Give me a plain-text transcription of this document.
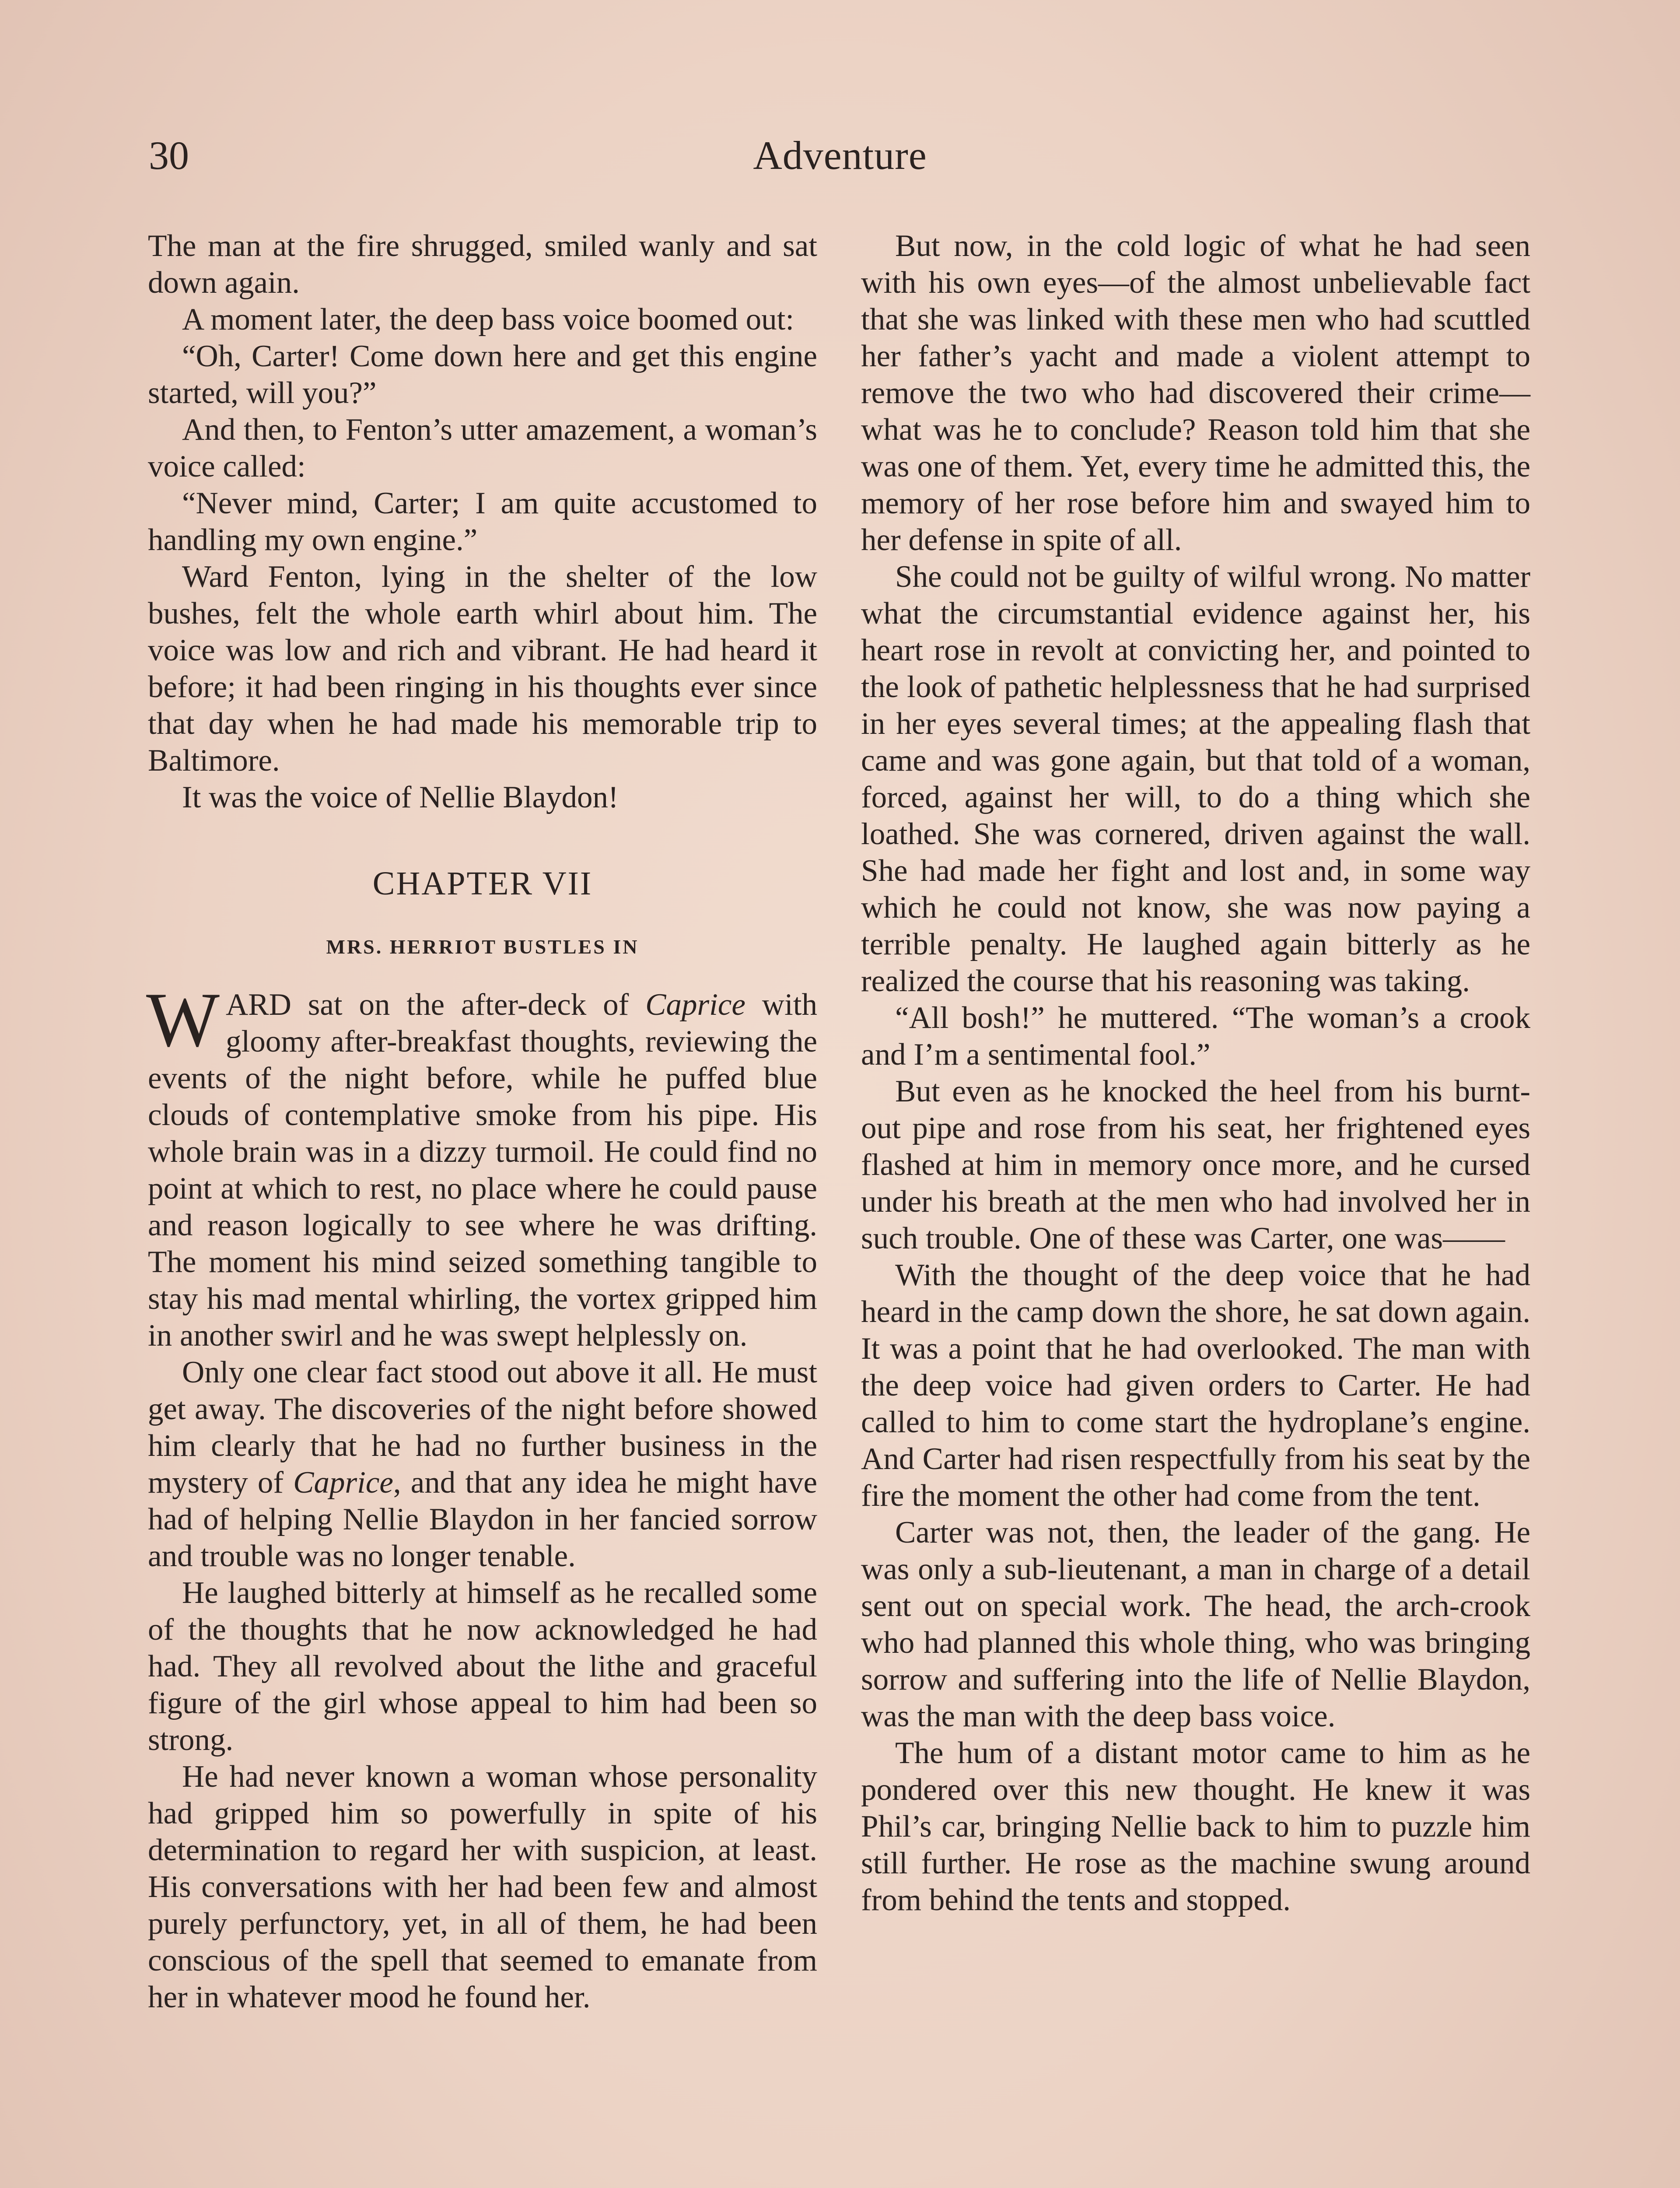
30	Adventure

The man at the fire shrugged, smiled wanly and sat down again.

A moment later, the deep bass voice boomed out:

“Oh, Carter! Come down here and get this engine started, will you?”

And then, to Fenton’s utter amazement, a woman’s voice called:

“Never mind, Carter; I am quite accustomed to handling my own engine.”

Ward Fenton, lying in the shelter of the low bushes, felt the whole earth whirl about him. The voice was low and rich and vibrant. He had heard it before; it had been ringing in his thoughts ever since that day when he had made his memorable trip to Baltimore.

It was the voice of Nellie Blaydon!

CHAPTER VII
MRS. HERRIOT BUSTLES IN

WARD sat on the after-deck of Caprice with gloomy after-breakfast thoughts, reviewing the events of the night before, while he puffed blue clouds of contemplative smoke from his pipe. His whole brain was in a dizzy turmoil. He could find no point at which to rest, no place where he could pause and reason logically to see where he was drifting. The moment his mind seized something tangible to stay his mad mental whirling, the vortex gripped him in another swirl and he was swept helplessly on.

Only one clear fact stood out above it all. He must get away. The discoveries of the night before showed him clearly that he had no further business in the mystery of Caprice, and that any idea he might have had of helping Nellie Blaydon in her fancied sorrow and trouble was no longer tenable.

He laughed bitterly at himself as he recalled some of the thoughts that he now acknowledged he had had. They all revolved about the lithe and graceful figure of the girl whose appeal to him had been so strong.

He had never known a woman whose personality had gripped him so powerfully in spite of his determination to regard her with suspicion, at least. His conversations with her had been few and almost purely perfunctory, yet, in all of them, he had been conscious of the spell that seemed to emanate from her in whatever mood he found her.

But now, in the cold logic of what he had seen with his own eyes—of the almost unbelievable fact that she was linked with these men who had scuttled her father’s yacht and made a violent attempt to remove the two who had discovered their crime—what was he to conclude? Reason told him that she was one of them. Yet, every time he admitted this, the memory of her rose before him and swayed him to her defense in spite of all.

She could not be guilty of wilful wrong. No matter what the circumstantial evidence against her, his heart rose in revolt at convicting her, and pointed to the look of pathetic helplessness that he had surprised in her eyes several times; at the appealing flash that came and was gone again, but that told of a woman, forced, against her will, to do a thing which she loathed. She was cornered, driven against the wall. She had made her fight and lost and, in some way which he could not know, she was now paying a terrible penalty. He laughed again bitterly as he realized the course that his reasoning was taking.

“All bosh!” he muttered. “The woman’s a crook and I’m a sentimental fool.”

But even as he knocked the heel from his burnt-out pipe and rose from his seat, her frightened eyes flashed at him in memory once more, and he cursed under his breath at the men who had involved her in such trouble. One of these was Carter, one was——

With the thought of the deep voice that he had heard in the camp down the shore, he sat down again. It was a point that he had overlooked. The man with the deep voice had given orders to Carter. He had called to him to come start the hydroplane’s engine. And Carter had risen respectfully from his seat by the fire the moment the other had come from the tent.

Carter was not, then, the leader of the gang. He was only a sub-lieutenant, a man in charge of a detail sent out on special work. The head, the arch-crook who had planned this whole thing, who was bringing sorrow and suffering into the life of Nellie Blaydon, was the man with the deep bass voice.

The hum of a distant motor came to him as he pondered over this new thought. He knew it was Phil’s car, bringing Nellie back to him to puzzle him still further. He rose as the machine swung around from behind the tents and stopped.
